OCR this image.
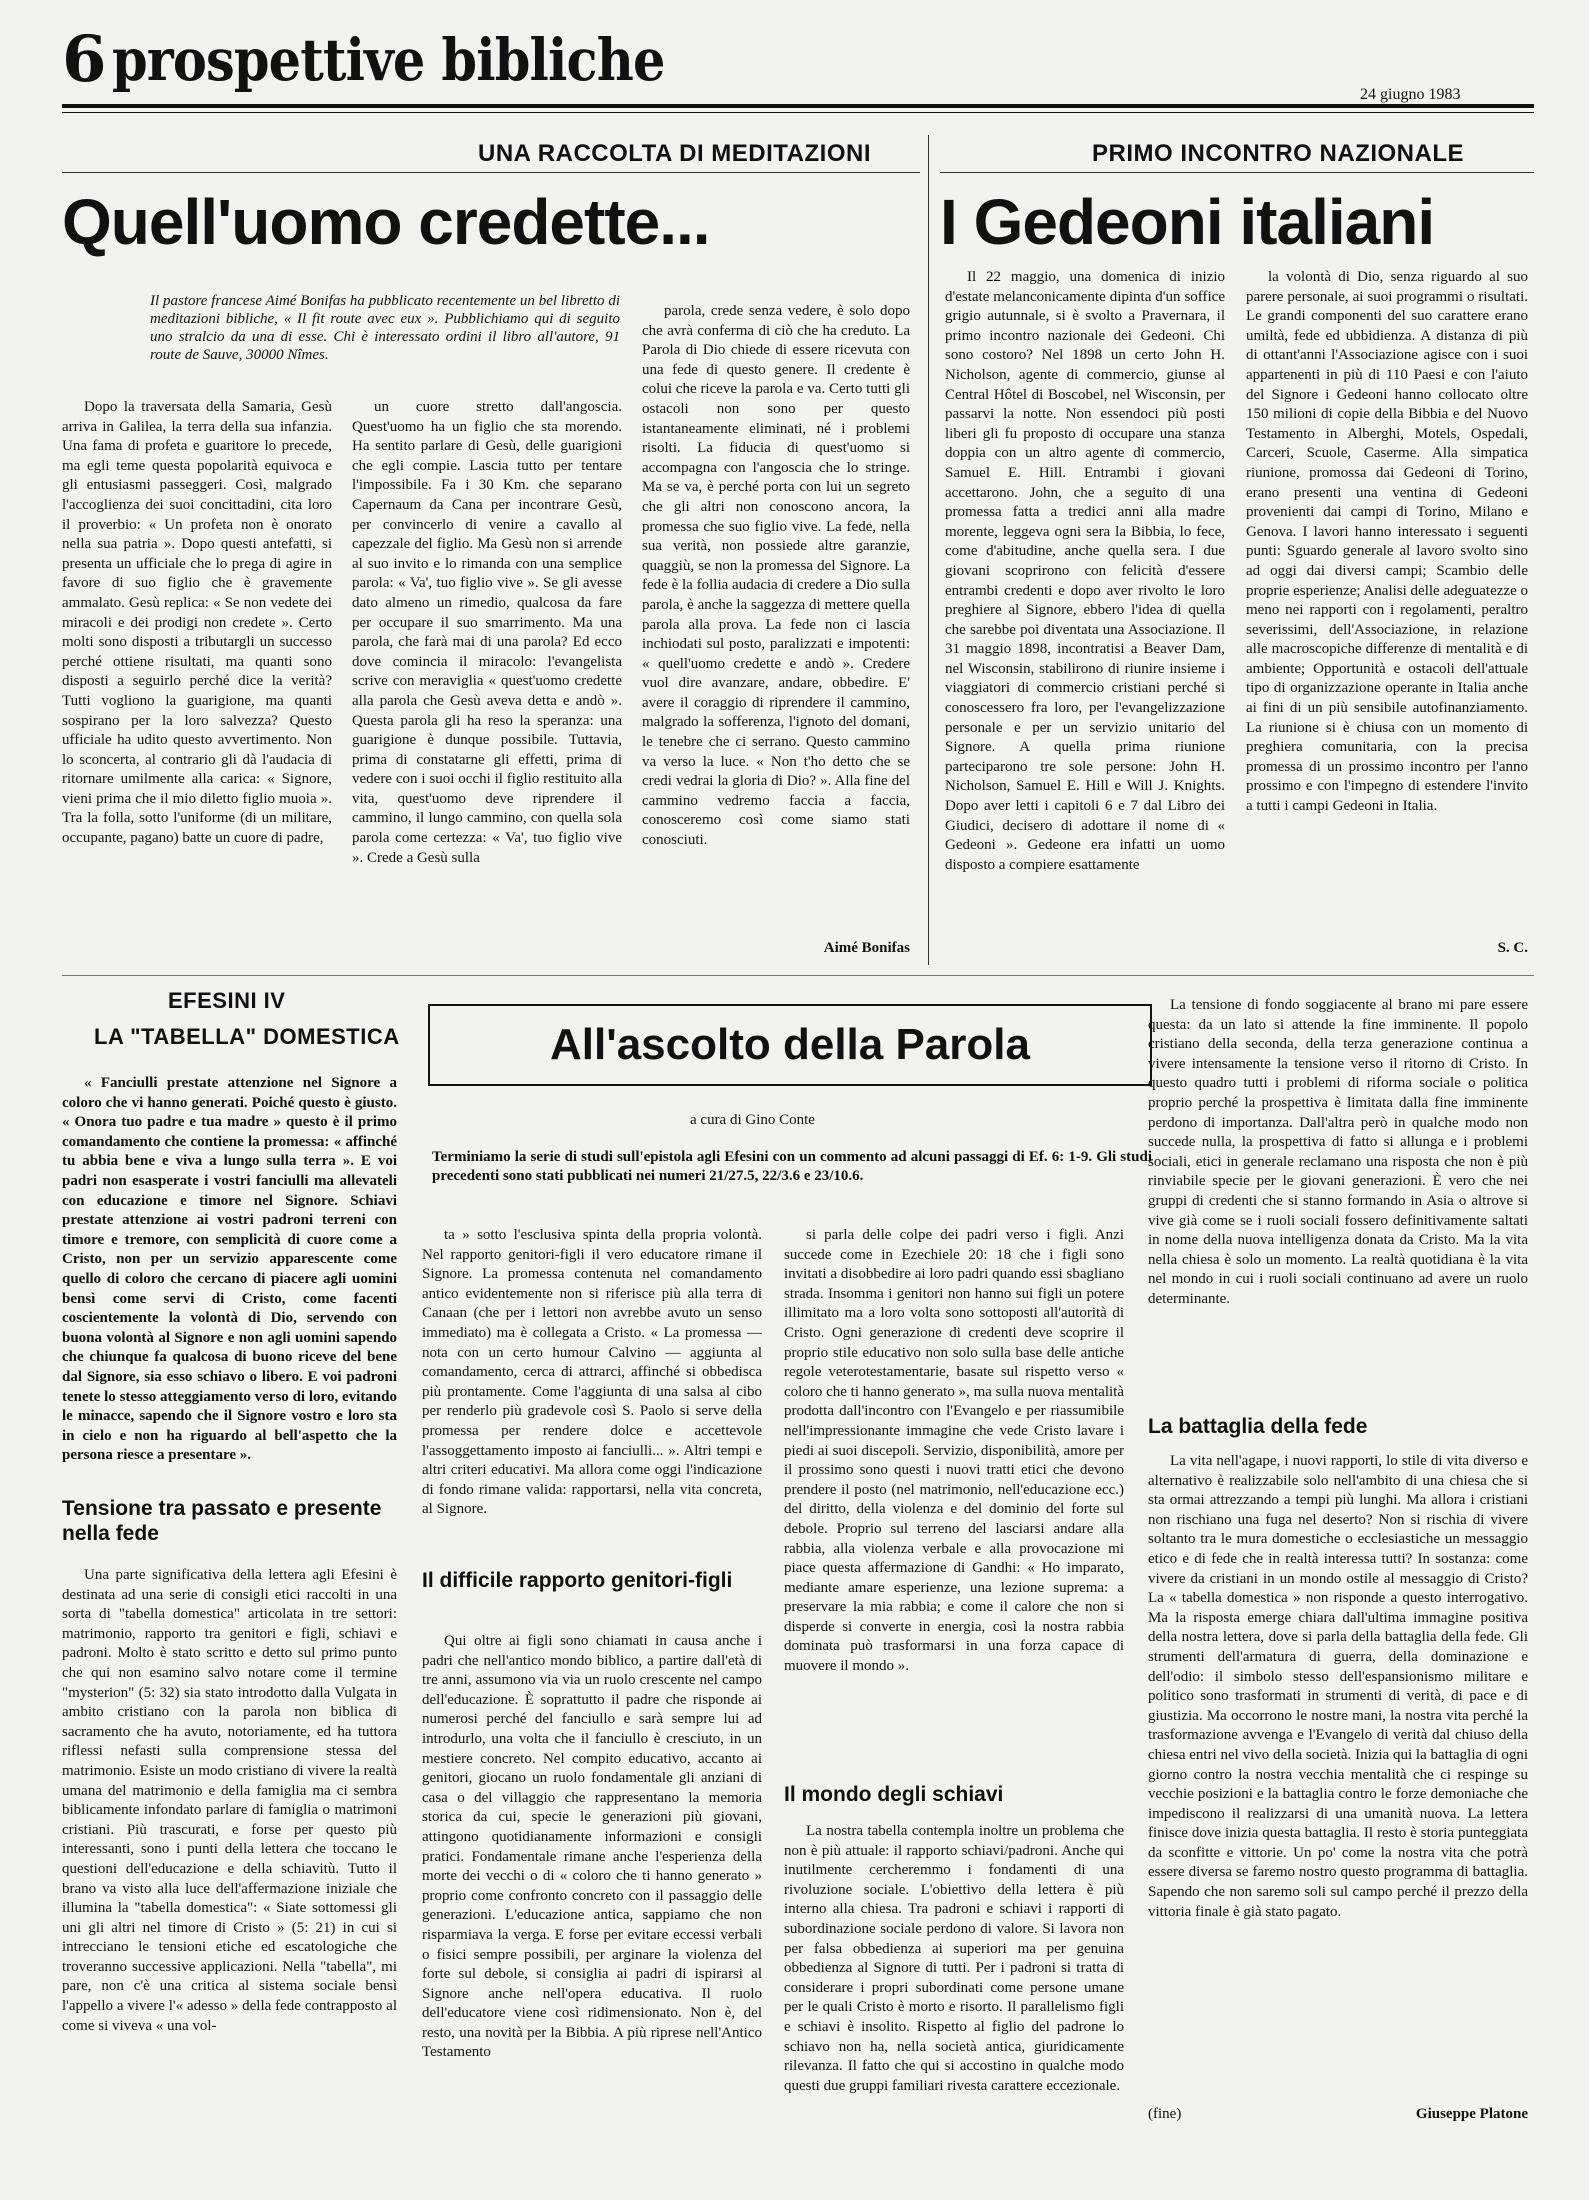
6 prospettive bibliche
24 giugno 1983
UNA RACCOLTA DI MEDITAZIONI
Quell'uomo credette...
Il pastore francese Aimé Bonifas ha pubblicato recentemente un bel libretto di meditazioni bibliche, « Il fit route avec eux ». Pubblichiamo qui di seguito uno stralcio da una di esse. Chi è interessato ordini il libro all'autore, 91 route de Sauve, 30000 Nîmes.

Dopo la traversata della Samaria, Gesù arriva in Galilea, la terra della sua infanzia. Una fama di profeta e guaritore lo precede, ma egli teme questa popolarità equivoca e gli entusiasmi passeggeri. Così, malgrado l'accoglienza dei suoi concittadini, cita loro il proverbio: « Un profeta non è onorato nella sua patria ». Dopo questi antefatti, si presenta un ufficiale che lo prega di agire in favore di suo figlio che è gravemente ammalato. Gesù replica: « Se non vedete dei miracoli e dei prodigi non credete ». Certo molti sono disposti a tributargli un successo perché ottiene risultati, ma quanti sono disposti a seguirlo perché dice la verità? Tutti vogliono la guarigione, ma quanti sospirano per la loro salvezza? Questo ufficiale ha udito questo avvertimento. Non lo sconcerta, al contrario gli dà l'audacia di ritornare umilmente alla carica: « Signore, vieni prima che il mio diletto figlio muoia ». Tra la folla, sotto l'uniforme (di un militare, occupante, pagano) batte un cuore di padre,

un cuore stretto dall'angoscia. Quest'uomo ha un figlio che sta morendo. Ha sentito parlare di Gesù, delle guarigioni che egli compie. Lascia tutto per tentare l'impossibile. Fa i 30 Km. che separano Capernaum da Cana per incontrare Gesù, per convincerlo di venire a cavallo al capezzale del figlio. Ma Gesù non si arrende al suo invito e lo rimanda con una semplice parola: « Va', tuo figlio vive ». Se gli avesse dato almeno un rimedio, qualcosa da fare per occupare il suo smarrimento. Ma una parola, che farà mai di una parola? Ed ecco dove comincia il miracolo: l'evangelista scrive con meraviglia « quest'uomo credette alla parola che Gesù aveva detta e andò ». Questa parola gli ha reso la speranza: una guarigione è dunque possibile. Tuttavia, prima di constatarne gli effetti, prima di vedere con i suoi occhi il figlio restituito alla vita, quest'uomo deve riprendere il cammino, il lungo cammino, con quella sola parola come certezza: « Va', tuo figlio vive ». Crede a Gesù sulla

parola, crede senza vedere, è solo dopo che avrà conferma di ciò che ha creduto. La Parola di Dio chiede di essere ricevuta con una fede di questo genere. Il credente è colui che riceve la parola e va. Certo tutti gli ostacoli non sono per questo istantaneamente eliminati, né i problemi risolti. La fiducia di quest'uomo si accompagna con l'angoscia che lo stringe. Ma se va, è perché porta con lui un segreto che gli altri non conoscono ancora, la promessa che suo figlio vive. La fede, nella sua verità, non possiede altre garanzie, quaggiù, se non la promessa del Signore. La fede è la follia audacia di credere a Dio sulla parola, è anche la saggezza di mettere quella parola alla prova. La fede non ci lascia inchiodati sul posto, paralizzati e impotenti: « quell'uomo credette e andò ». Credere vuol dire avanzare, andare, obbedire. E' avere il coraggio di riprendere il cammino, malgrado la sofferenza, l'ignoto del domani, le tenebre che ci serrano. Questo cammino va verso la luce. « Non t'ho detto che se credi vedrai la gloria di Dio? ». Alla fine del cammino vedremo faccia a faccia, conosceremo così come siamo stati conosciuti.

Aimé Bonifas
PRIMO INCONTRO NAZIONALE
I Gedeoni italiani

Il 22 maggio, una domenica di inizio d'estate melanconicamente dipinta d'un soffice grigio autunnale, si è svolto a Pravernara, il primo incontro nazionale dei Gedeoni. Chi sono costoro? Nel 1898 un certo John H. Nicholson, agente di commercio, giunse al Central Hôtel di Boscobel, nel Wisconsin, per passarvi la notte. Non essendoci più posti liberi gli fu proposto di occupare una stanza doppia con un altro agente di commercio, Samuel E. Hill. Entrambi i giovani accettarono. John, che a seguito di una promessa fatta a tredici anni alla madre morente, leggeva ogni sera la Bibbia, lo fece, come d'abitudine, anche quella sera. I due giovani scoprirono con felicità d'essere entrambi credenti e dopo aver rivolto le loro preghiere al Signore, ebbero l'idea di quella che sarebbe poi diventata una Associazione. Il 31 maggio 1898, incontratisi a Beaver Dam, nel Wisconsin, stabilirono di riunire insieme i viaggiatori di commercio cristiani perché si conoscessero fra loro, per l'evangelizzazione personale e per un servizio unitario del Signore. A quella prima riunione parteciparono tre sole persone: John H. Nicholson, Samuel E. Hill e Will J. Knights. Dopo aver letti i capitoli 6 e 7 dal Libro dei Giudici, decisero di adottare il nome di « Gedeoni ». Gedeone era infatti un uomo disposto a compiere esattamente

la volontà di Dio, senza riguardo al suo parere personale, ai suoi programmi o risultati. Le grandi componenti del suo carattere erano umiltà, fede ed ubbidienza. A distanza di più di ottant'anni l'Associazione agisce con i suoi appartenenti in più di 110 Paesi e con l'aiuto del Signore i Gedeoni hanno collocato oltre 150 milioni di copie della Bibbia e del Nuovo Testamento in Alberghi, Motels, Ospedali, Carceri, Scuole, Caserme. Alla simpatica riunione, promossa dai Gedeoni di Torino, erano presenti una ventina di Gedeoni provenienti dai campi di Torino, Milano e Genova. I lavori hanno interessato i seguenti punti: Sguardo generale al lavoro svolto sino ad oggi dai diversi campi; Scambio delle proprie esperienze; Analisi delle adeguatezze o meno nei rapporti con i regolamenti, peraltro severissimi, dell'Associazione, in relazione alle macroscopiche differenze di mentalità e di ambiente; Opportunità e ostacoli dell'attuale tipo di organizzazione operante in Italia anche ai fini di un più sensibile autofinanziamento. La riunione si è chiusa con un momento di preghiera comunitaria, con la precisa promessa di un prossimo incontro per l'anno prossimo e con l'impegno di estendere l'invito a tutti i campi Gedeoni in Italia.

S. C.
EFESINI IV
LA "TABELLA" DOMESTICA	All'ascolto della Parola
a cura di Gino Conte
Terminiamo la serie di studi sull'epistola agli Efesini con un commento ad alcuni passaggi di Ef. 6: 1-9. Gli studi precedenti sono stati pubblicati nei numeri 21/27.5, 22/3.6 e 23/10.6.

« Fanciulli prestate attenzione nel Signore a coloro che vi hanno generati. Poiché questo è giusto. « Onora tuo padre e tua madre » questo è il primo comandamento che contiene la promessa: « affinché tu abbia bene e viva a lungo sulla terra ». E voi padri non esasperate i vostri fanciulli ma allevateli con educazione e timore nel Signore. Schiavi prestate attenzione ai vostri padroni terreni con timore e tremore, con semplicità di cuore come a Cristo, non per un servizio apparescente come quello di coloro che cercano di piacere agli uomini bensì come servi di Cristo, come facenti coscientemente la volontà di Dio, servendo con buona volontà al Signore e non agli uomini sapendo che chiunque fa qualcosa di buono riceve del bene dal Signore, sia esso schiavo o libero. E voi padroni tenete lo stesso atteggiamento verso di loro, evitando le minacce, sapendo che il Signore vostro e loro sta in cielo e non ha riguardo al bell'aspetto che la persona riesce a presentare ».

Tensione tra passato e presente nella fede

Una parte significativa della lettera agli Efesini è destinata ad una serie di consigli etici raccolti in una sorta di "tabella domestica" articolata in tre settori: matrimonio, rapporto tra genitori e figli, schiavi e padroni. Molto è stato scritto e detto sul primo punto che qui non esamino salvo notare come il termine "mysterion" (5: 32) sia stato introdotto dalla Vulgata in ambito cristiano con la parola non biblica di sacramento che ha avuto, notoriamente, ed ha tuttora riflessi nefasti sulla comprensione stessa del matrimonio. Esiste un modo cristiano di vivere la realtà umana del matrimonio e della famiglia ma ci sembra biblicamente infondato parlare di famiglia o matrimoni cristiani. Più trascurati, e forse per questo più interessanti, sono i punti della lettera che toccano le questioni dell'educazione e della schiavitù. Tutto il brano va visto alla luce dell'affermazione iniziale che illumina la "tabella domestica": « Siate sottomessi gli uni gli altri nel timore di Cristo » (5: 21) in cui si intrecciano le tensioni etiche ed escatologiche che troveranno successive applicazioni. Nella "tabella", mi pare, non c'è una critica al sistema sociale bensì l'appello a vivere l'« adesso » della fede contrapposto al come si viveva « una vol-

ta » sotto l'esclusiva spinta della propria volontà. Nel rapporto genitori-figli il vero educatore rimane il Signore. La promessa contenuta nel comandamento antico evidentemente non si riferisce più alla terra di Canaan (che per i lettori non avrebbe avuto un senso immediato) ma è collegata a Cristo. « La promessa — nota con un certo humour Calvino — aggiunta al comandamento, cerca di attrarci, affinché si obbedisca più prontamente. Come l'aggiunta di una salsa al cibo per renderlo più gradevole così S. Paolo si serve della promessa per rendere dolce e accettevole l'assoggettamento imposto ai fanciulli... ». Altri tempi e altri criteri educativi. Ma allora come oggi l'indicazione di fondo rimane valida: rapportarsi, nella vita concreta, al Signore.

Il difficile rapporto genitori-figli

Qui oltre ai figli sono chiamati in causa anche i padri che nell'antico mondo biblico, a partire dall'età di tre anni, assumono via via un ruolo crescente nel campo dell'educazione. È soprattutto il padre che risponde ai numerosi perché del fanciullo e sarà sempre lui ad introdurlo, una volta che il fanciullo è cresciuto, in un mestiere concreto. Nel compito educativo, accanto ai genitori, giocano un ruolo fondamentale gli anziani di casa o del villaggio che rappresentano la memoria storica da cui, specie le generazioni più giovani, attingono quotidianamente informazioni e consigli pratici. Fondamentale rimane anche l'esperienza della morte dei vecchi o di « coloro che ti hanno generato » proprio come confronto concreto con il passaggio delle generazioni. L'educazione antica, sappiamo che non risparmiava la verga. E forse per evitare eccessi verbali o fisici sempre possibili, per arginare la violenza del forte sul debole, si consiglia ai padri di ispirarsi al Signore anche nell'opera educativa. Il ruolo dell'educatore viene così ridimensionato. Non è, del resto, una novità per la Bibbia. A più riprese nell'Antico Testamento

si parla delle colpe dei padri verso i figli. Anzi succede come in Ezechiele 20: 18 che i figli sono invitati a disobbedire ai loro padri quando essi sbagliano strada. Insomma i genitori non hanno sui figli un potere illimitato ma a loro volta sono sottoposti all'autorità di Cristo. Ogni generazione di credenti deve scoprire il proprio stile educativo non solo sulla base delle antiche regole veterotestamentarie, basate sul rispetto verso « coloro che ti hanno generato », ma sulla nuova mentalità prodotta dall'incontro con l'Evangelo e per riassumibile nell'impressionante immagine che vede Cristo lavare i piedi ai suoi discepoli. Servizio, disponibilità, amore per il prossimo sono questi i nuovi tratti etici che devono prendere il posto (nel matrimonio, nell'educazione ecc.) del diritto, della violenza e del dominio del forte sul debole. Proprio sul terreno del lasciarsi andare alla rabbia, alla violenza verbale e alla provocazione mi piace questa affermazione di Gandhi: « Ho imparato, mediante amare esperienze, una lezione suprema: a preservare la mia rabbia; e come il calore che non si disperde si converte in energia, così la nostra rabbia dominata può trasformarsi in una forza capace di muovere il mondo ».

Il mondo degli schiavi

La nostra tabella contempla inoltre un problema che non è più attuale: il rapporto schiavi/padroni. Anche qui inutilmente cercheremmo i fondamenti di una rivoluzione sociale. L'obiettivo della lettera è più interno alla chiesa. Tra padroni e schiavi i rapporti di subordinazione sociale perdono di valore. Si lavora non per falsa obbedienza ai superiori ma per genuina obbedienza al Signore di tutti. Per i padroni si tratta di considerare i propri subordinati come persone umane per le quali Cristo è morto e risorto. Il parallelismo figli e schiavi è insolito. Rispetto al figlio del padrone lo schiavo non ha, nella società antica, giuridicamente rilevanza. Il fatto che qui si accostino in qualche modo questi due gruppi familiari rivesta carattere eccezionale.

La tensione di fondo soggiacente al brano mi pare essere questa: da un lato si attende la fine imminente. Il popolo cristiano della seconda, della terza generazione continua a vivere intensamente la tensione verso il ritorno di Cristo. In questo quadro tutti i problemi di riforma sociale o politica proprio perché la prospettiva è limitata dalla fine imminente perdono di importanza. Dall'altra però in qualche modo non succede nulla, la prospettiva di fatto si allunga e i problemi sociali, etici in generale reclamano una risposta che non è più rinviabile specie per le giovani generazioni. È vero che nei gruppi di credenti che si stanno formando in Asia o altrove si vive già come se i ruoli sociali fossero definitivamente saltati in nome della nuova intelligenza donata da Cristo. Ma la vita nella chiesa è solo un momento. La realtà quotidiana è la vita nel mondo in cui i ruoli sociali continuano ad avere un ruolo determinante.

La battaglia della fede

La vita nell'agape, i nuovi rapporti, lo stile di vita diverso e alternativo è realizzabile solo nell'ambito di una chiesa che si sta ormai attrezzando a tempi più lunghi. Ma allora i cristiani non rischiano una fuga nel deserto? Non si rischia di vivere soltanto tra le mura domestiche o ecclesiastiche un messaggio etico e di fede che in realtà interessa tutti? In sostanza: come vivere da cristiani in un mondo ostile al messaggio di Cristo? La « tabella domestica » non risponde a questo interrogativo. Ma la risposta emerge chiara dall'ultima immagine positiva della nostra lettera, dove si parla della battaglia della fede. Gli strumenti dell'armatura di guerra, della dominazione e dell'odio: il simbolo stesso dell'espansionismo militare e politico sono trasformati in strumenti di verità, di pace e di giustizia. Ma occorrono le nostre mani, la nostra vita perché la trasformazione avvenga e l'Evangelo di verità dal chiuso della chiesa entri nel vivo della società. Inizia qui la battaglia di ogni giorno contro la nostra vecchia mentalità che ci respinge su vecchie posizioni e la battaglia contro le forze demoniache che impediscono il realizzarsi di una umanità nuova. La lettera finisce dove inizia questa battaglia. Il resto è storia punteggiata da sconfitte e vittorie. Un po' come la nostra vita che potrà essere diversa se faremo nostro questo programma di battaglia. Sapendo che non saremo soli sul campo perché il prezzo della vittoria finale è già stato pagato.

(fine)	Giuseppe Platone
